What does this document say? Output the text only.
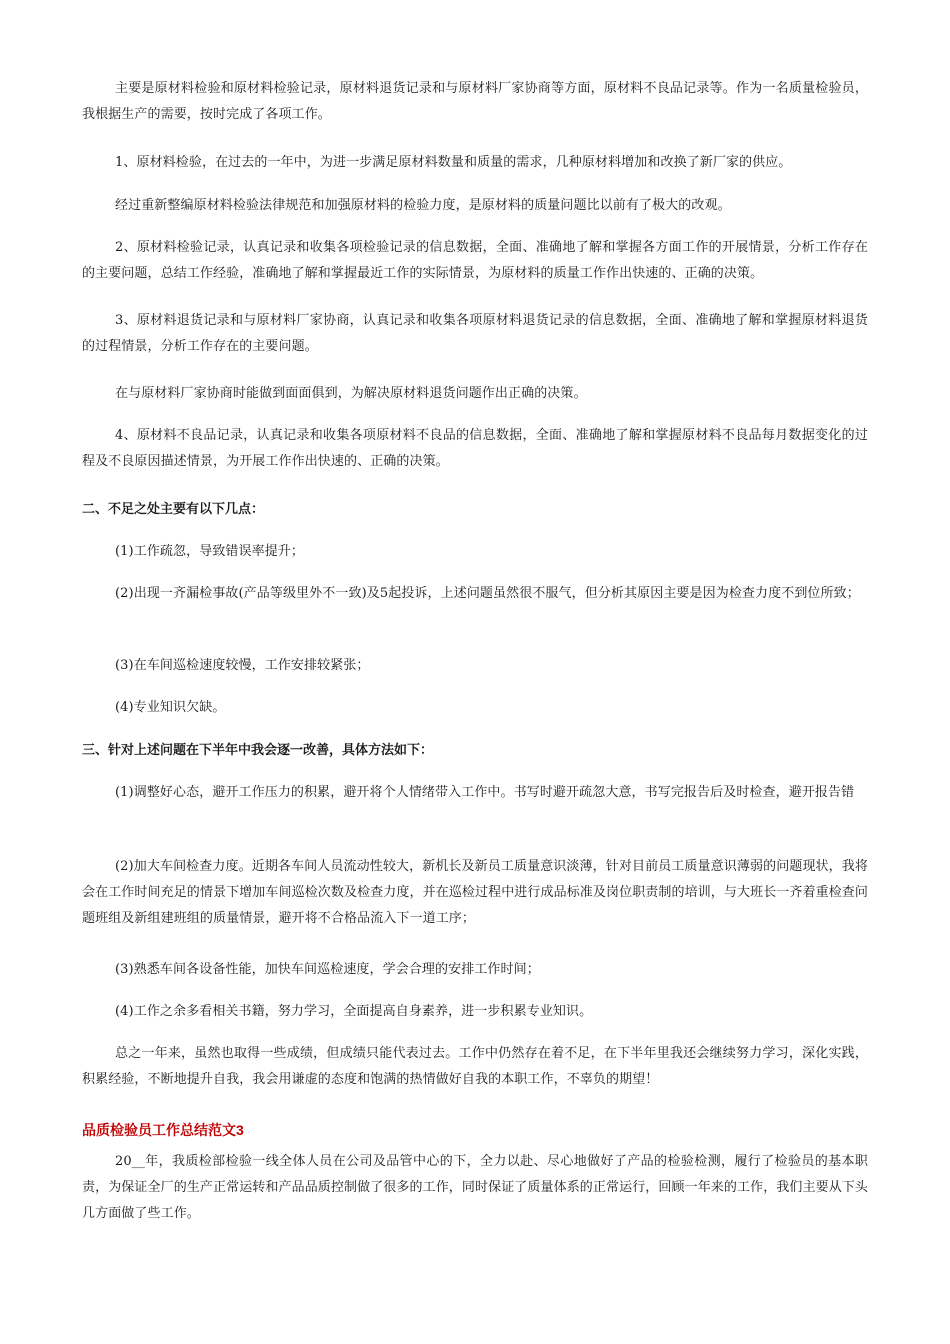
主要是原材料检验和原材料检验记录，原材料退货记录和与原材料厂家协商等方面，原材料不良品记录等。作为一名质量检验员，我根据生产的需要，按时完成了各项工作。

1、原材料检验，在过去的一年中，为进一步满足原材料数量和质量的需求，几种原材料增加和改换了新厂家的供应。

经过重新整编原材料检验法律规范和加强原材料的检验力度，是原材料的质量问题比以前有了极大的改观。

2、原材料检验记录，认真记录和收集各项检验记录的信息数据，全面、准确地了解和掌握各方面工作的开展情景，分析工作存在的主要问题，总结工作经验，准确地了解和掌握最近工作的实际情景，为原材料的质量工作作出快速的、正确的决策。

3、原材料退货记录和与原材料厂家协商，认真记录和收集各项原材料退货记录的信息数据，全面、准确地了解和掌握原材料退货的过程情景，分析工作存在的主要问题。

在与原材料厂家协商时能做到面面俱到，为解决原材料退货问题作出正确的决策。

4、原材料不良品记录，认真记录和收集各项原材料不良品的信息数据，全面、准确地了解和掌握原材料不良品每月数据变化的过程及不良原因描述情景，为开展工作作出快速的、正确的决策。

二、不足之处主要有以下几点：

(1)工作疏忽，导致错误率提升；

(2)出现一齐漏检事故(产品等级里外不一致)及5起投诉，上述问题虽然很不服气，但分析其原因主要是因为检查力度不到位所致；

(3)在车间巡检速度较慢，工作安排较紧张；

(4)专业知识欠缺。

三、针对上述问题在下半年中我会逐一改善，具体方法如下：

(1)调整好心态，避开工作压力的积累，避开将个人情绪带入工作中。书写时避开疏忽大意，书写完报告后及时检查，避开报告错

(2)加大车间检查力度。近期各车间人员流动性较大，新机长及新员工质量意识淡薄，针对目前员工质量意识薄弱的问题现状，我将会在工作时间充足的情景下增加车间巡检次数及检查力度，并在巡检过程中进行成品标准及岗位职责制的培训，与大班长一齐着重检查问题班组及新组建班组的质量情景，避开将不合格品流入下一道工序；

(3)熟悉车间各设备性能，加快车间巡检速度，学会合理的安排工作时间；

(4)工作之余多看相关书籍，努力学习，全面提高自身素养，进一步积累专业知识。

总之一年来，虽然也取得一些成绩，但成绩只能代表过去。工作中仍然存在着不足，在下半年里我还会继续努力学习，深化实践，积累经验，不断地提升自我，我会用谦虚的态度和饱满的热情做好自我的本职工作，不辜负的期望！

品质检验员工作总结范文3

20__年，我质检部检验一线全体人员在公司及品管中心的下，全力以赴、尽心地做好了产品的检验检测，履行了检验员的基本职责，为保证全厂的生产正常运转和产品品质控制做了很多的工作，同时保证了质量体系的正常运行，回顾一年来的工作，我们主要从下头几方面做了些工作。
